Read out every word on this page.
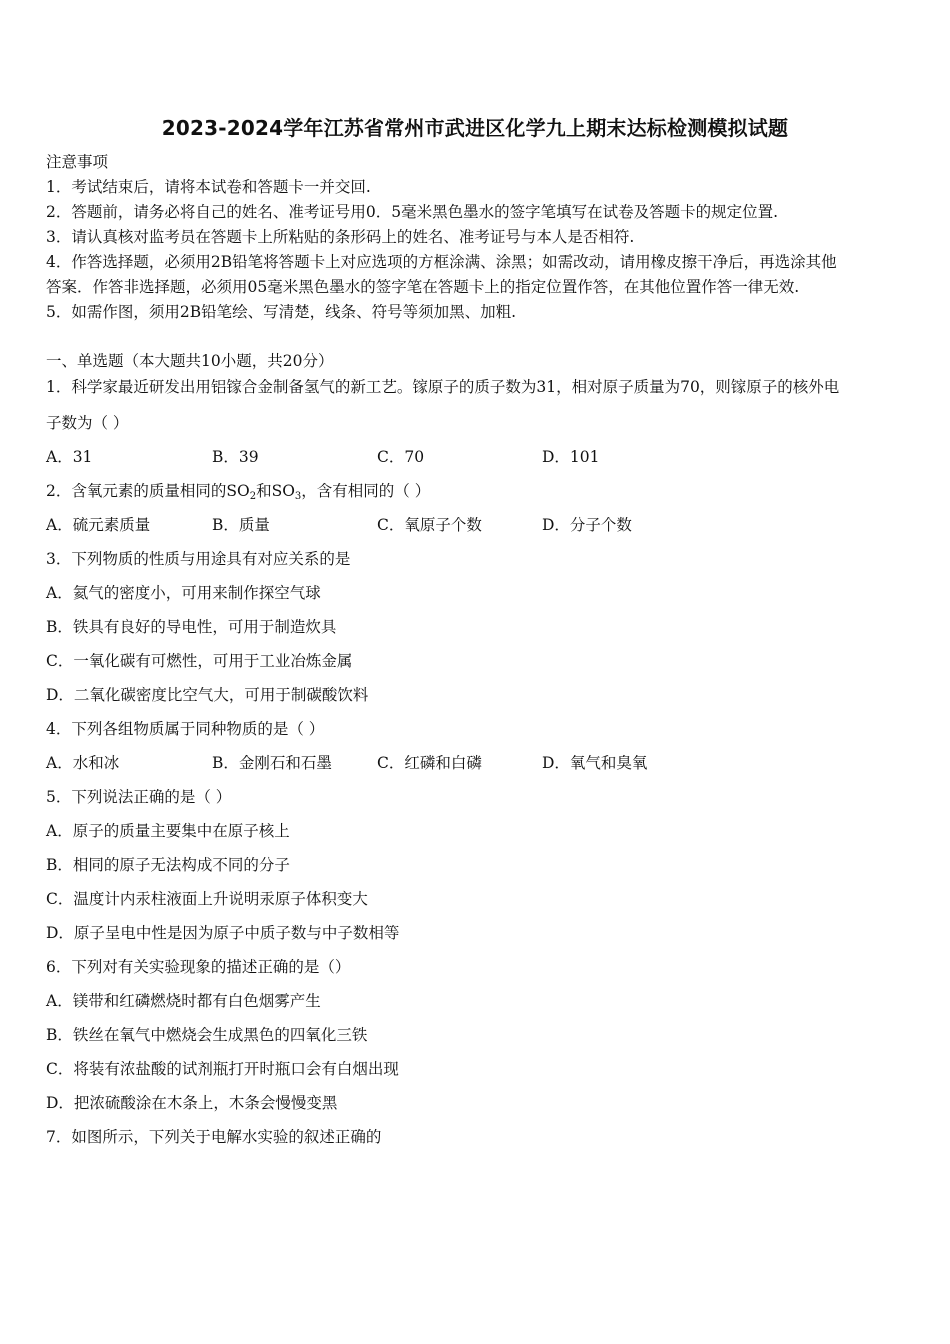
2023-2024学年江苏省常州市武进区化学九上期末达标检测模拟试题
注意事项
1．考试结束后，请将本试卷和答题卡一并交回.
2．答题前，请务必将自己的姓名、准考证号用0．5毫米黑色墨水的签字笔填写在试卷及答题卡的规定位置.
3．请认真核对监考员在答题卡上所粘贴的条形码上的姓名、准考证号与本人是否相符.
4．作答选择题，必须用2B铅笔将答题卡上对应选项的方框涂满、涂黑；如需改动，请用橡皮擦干净后，再选涂其他
答案．作答非选择题，必须用05毫米黑色墨水的签字笔在答题卡上的指定位置作答，在其他位置作答一律无效.
5．如需作图，须用2B铅笔绘、写清楚，线条、符号等须加黑、加粗.
一、单选题（本大题共10小题，共20分）
1．科学家最近研发出用铝镓合金制备氢气的新工艺。镓原子的质子数为31，相对原子质量为70，则镓原子的核外电
子数为（ ）
A．31	B．39	C．70	D．101
2．含氧元素的质量相同的$SO_2$和$SO_3$，含有相同的（ ）
A．硫元素质量	B．质量	C．氧原子个数	D．分子个数
3．下列物质的性质与用途具有对应关系的是
A．氦气的密度小，可用来制作探空气球
B．铁具有良好的导电性，可用于制造炊具
C．一氧化碳有可燃性，可用于工业冶炼金属
D．二氧化碳密度比空气大，可用于制碳酸饮料
4．下列各组物质属于同种物质的是（ ）
A．水和冰	B．金刚石和石墨	C．红磷和白磷	D．氧气和臭氧
5．下列说法正确的是（ ）
A．原子的质量主要集中在原子核上
B．相同的原子无法构成不同的分子
C．温度计内汞柱液面上升说明汞原子体积变大
D．原子呈电中性是因为原子中质子数与中子数相等
6．下列对有关实验现象的描述正确的是（）
A．镁带和红磷燃烧时都有白色烟雾产生
B．铁丝在氧气中燃烧会生成黑色的四氧化三铁
C．将装有浓盐酸的试剂瓶打开时瓶口会有白烟出现
D．把浓硫酸涂在木条上，木条会慢慢变黑
7．如图所示，下列关于电解水实验的叙述正确的
